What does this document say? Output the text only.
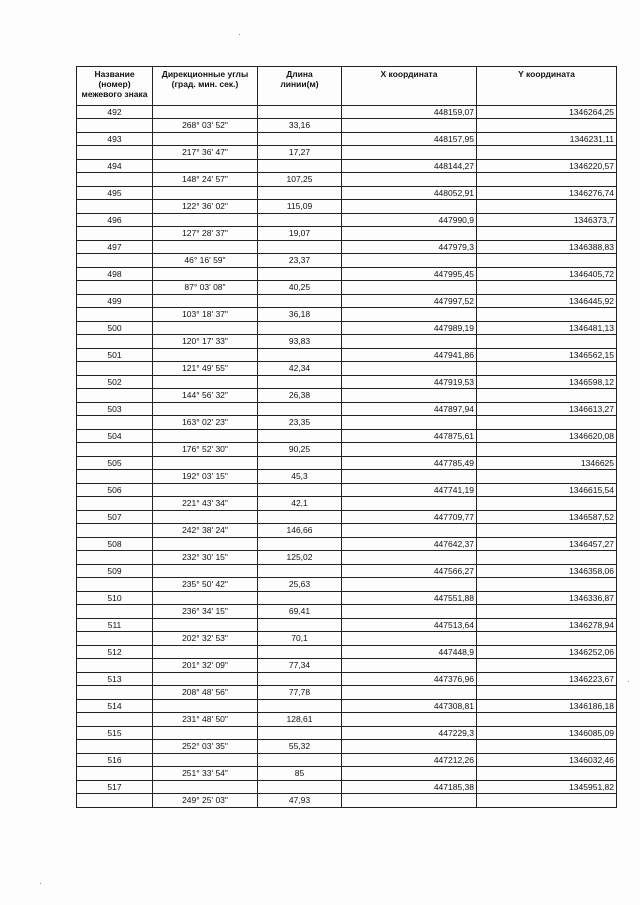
Название
(номер)
межевого знака	Дирекционные углы
(град. мин. сек.)	Длина
линии(м)	X координата	Y координата

492			448159,07	1346264,25
	268° 03' 52"	33,16		
493			448157,95	1346231,11
	217° 36' 47"	17,27		
494			448144,27	1346220,57
	148° 24' 57"	107,25		
495			448052,91	1346276,74
	122° 36' 02"	115,09		
496			447990,9	1346373,7
	127° 28' 37"	19,07		
497			447979,3	1346388,83
	46° 16' 59"	23,37		
498			447995,45	1346405,72
	87° 03' 08"	40,25		
499			447997,52	1346445,92
	103° 18' 37"	36,18		
500			447989,19	1346481,13
	120° 17' 33"	93,83		
501			447941,86	1346562,15
	121° 49' 55"	42,34		
502			447919,53	1346598,12
	144° 56' 32"	26,38		
503			447897,94	1346613,27
	163° 02' 23"	23,35		
504			447875,61	1346620,08
	176° 52' 30"	90,25		
505			447785,49	1346625
	192° 03' 15"	45,3		
506			447741,19	1346615,54
	221° 43' 34"	42,1		
507			447709,77	1346587,52
	242° 38' 24"	146,66		
508			447642,37	1346457,27
	232° 30' 15"	125,02		
509			447566,27	1346358,06
	235° 50' 42"	25,63		
510			447551,88	1346336,87
	236° 34' 15"	69,41		
511			447513,64	1346278,94
	202° 32' 53"	70,1		
512			447448,9	1346252,06
	201° 32' 09"	77,34		
513			447376,96	1346223,67
	208° 48' 56"	77,78		
514			447308,81	1346186,18
	231° 48' 50"	128,61		
515			447229,3	1346085,09
	252° 03' 35"	55,32		
516			447212,26	1346032,46
	251° 33' 54"	85		
517			447185,38	1345951,82
	249° 25' 03"	47,93		
